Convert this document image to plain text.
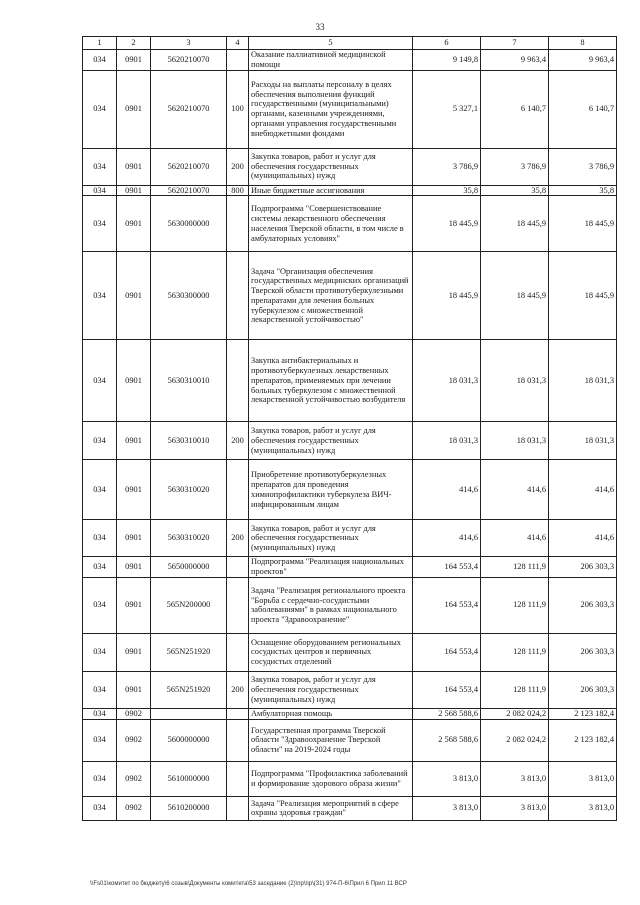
33
1	2	3	4	5	6	7	8
034	0901	5620210070		Оказание паллиативной медицинской помощи	9 149,8	9 963,4	9 963,4
034	0901	5620210070	100	Расходы на выплаты персоналу в целях обеспечения выполнения функций государственными (муниципальными) органами, казенными учреждениями, органами управления государственными внебюджетными фондами	5 327,1	6 140,7	6 140,7
034	0901	5620210070	200	Закупка товаров, работ и услуг для обеспечения государственных (муниципальных) нужд	3 786,9	3 786,9	3 786,9
034	0901	5620210070	800	Иные бюджетные ассигнования	35,8	35,8	35,8
034	0901	5630000000		Подпрограмма "Совершенствование системы лекарственного обеспечения населения Тверской области, в том числе в амбулаторных условиях"	18 445,9	18 445,9	18 445,9
034	0901	5630300000		Задача "Организация обеспечения государственных медицинских организаций Тверской области противотуберкулезными препаратами для лечения больных туберкулезом с множественной лекарственной устойчивостью"	18 445,9	18 445,9	18 445,9
034	0901	5630310010		Закупка антибактериальных и противотуберкулезных лекарственных препаратов, применяемых при лечении больных туберкулезом с множественной лекарственной устойчивостью возбудителя	18 031,3	18 031,3	18 031,3
034	0901	5630310010	200	Закупка товаров, работ и услуг для обеспечения государственных (муниципальных) нужд	18 031,3	18 031,3	18 031,3
034	0901	5630310020		Приобретение противотуберкулезных препаратов для проведения химиопрофилактики туберкулеза ВИЧ-инфицированным лицам	414,6	414,6	414,6
034	0901	5630310020	200	Закупка товаров, работ и услуг для обеспечения государственных (муниципальных) нужд	414,6	414,6	414,6
034	0901	5650000000		Подпрограмма "Реализация национальных проектов"	164 553,4	128 111,9	206 303,3
034	0901	565N200000		Задача "Реализация регионального проекта "Борьба с сердечно-сосудистыми заболеваниями" в рамках национального проекта "Здравоохранение"	164 553,4	128 111,9	206 303,3
034	0901	565N251920		Оснащение оборудованием региональных сосудистых центров и первичных сосудистых отделений	164 553,4	128 111,9	206 303,3
034	0901	565N251920	200	Закупка товаров, работ и услуг для обеспечения государственных (муниципальных) нужд	164 553,4	128 111,9	206 303,3
034	0902			Амбулаторная помощь	2 568 588,6	2 082 024,2	2 123 182,4
034	0902	5600000000		Государственная программа Тверской области "Здравоохранение Тверской области" на 2019-2024 годы	2 568 588,6	2 082 024,2	2 123 182,4
034	0902	5610000000		Подпрограмма "Профилактика заболеваний и формирование здорового образа жизни"	3 813,0	3 813,0	3 813,0
034	0902	5610200000		Задача "Реализация мероприятий в сфере охраны здоровья граждан"	3 813,0	3 813,0	3 813,0
\\Fs01\комитет по бюджету\6 созыв\Документы комитета\53 заседание (2)\пр\пр\(31) 974-П-6\Прил 6 Прил 11 ВСР
